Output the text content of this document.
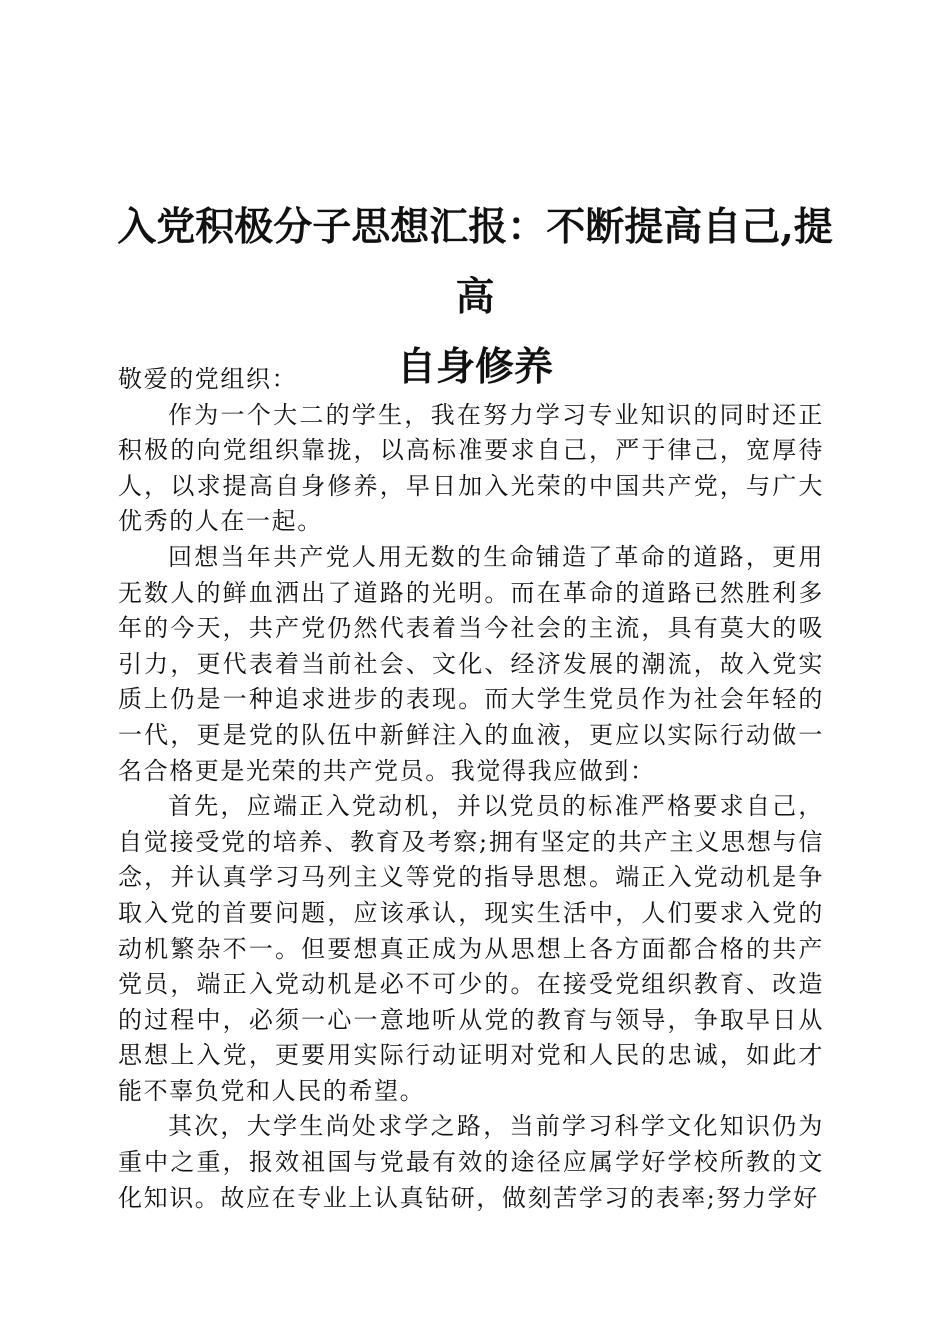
入党积极分子思想汇报：不断提高自己,提高
自身修养

敬爱的党组织：

作为一个大二的学生，我在努力学习专业知识的同时还正积极的向党组织靠拢，以高标准要求自己，严于律己，宽厚待人，以求提高自身修养，早日加入光荣的中国共产党，与广大优秀的人在一起。

回想当年共产党人用无数的生命铺造了革命的道路，更用无数人的鲜血洒出了道路的光明。而在革命的道路已然胜利多年的今天，共产党仍然代表着当今社会的主流，具有莫大的吸引力，更代表着当前社会、文化、经济发展的潮流，故入党实质上仍是一种追求进步的表现。而大学生党员作为社会年轻的一代，更是党的队伍中新鲜注入的血液，更应以实际行动做一名合格更是光荣的共产党员。我觉得我应做到：

首先，应端正入党动机，并以党员的标准严格要求自己，自觉接受党的培养、教育及考察;拥有坚定的共产主义思想与信念，并认真学习马列主义等党的指导思想。端正入党动机是争取入党的首要问题，应该承认，现实生活中，人们要求入党的动机繁杂不一。但要想真正成为从思想上各方面都合格的共产党员，端正入党动机是必不可少的。在接受党组织教育、改造的过程中，必须一心一意地听从党的教育与领导，争取早日从思想上入党，更要用实际行动证明对党和人民的忠诚，如此才能不辜负党和人民的希望。

其次，大学生尚处求学之路，当前学习科学文化知识仍为重中之重，报效祖国与党最有效的途径应属学好学校所教的文化知识。故应在专业上认真钻研，做刻苦学习的表率;努力学好
